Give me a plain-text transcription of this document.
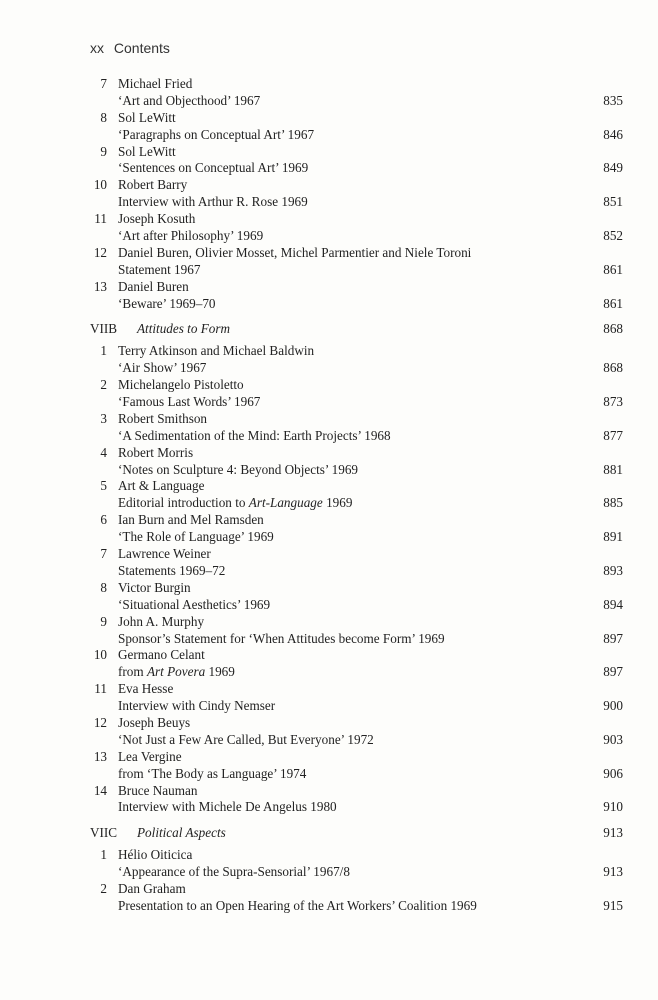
xx Contents
7 Michael Fried
‘Art and Objecthood’ 1967	835
8 Sol LeWitt
‘Paragraphs on Conceptual Art’ 1967	846
9 Sol LeWitt
‘Sentences on Conceptual Art’ 1969	849
10 Robert Barry
Interview with Arthur R. Rose 1969	851
11 Joseph Kosuth
‘Art after Philosophy’ 1969	852
12 Daniel Buren, Olivier Mosset, Michel Parmentier and Niele Toroni
Statement 1967	861
13 Daniel Buren
‘Beware’ 1969–70	861
VIIB Attitudes to Form	868
1 Terry Atkinson and Michael Baldwin
‘Air Show’ 1967	868
2 Michelangelo Pistoletto
‘Famous Last Words’ 1967	873
3 Robert Smithson
‘A Sedimentation of the Mind: Earth Projects’ 1968	877
4 Robert Morris
‘Notes on Sculpture 4: Beyond Objects’ 1969	881
5 Art & Language
Editorial introduction to Art-Language 1969	885
6 Ian Burn and Mel Ramsden
‘The Role of Language’ 1969	891
7 Lawrence Weiner
Statements 1969–72	893
8 Victor Burgin
‘Situational Aesthetics’ 1969	894
9 John A. Murphy
Sponsor’s Statement for ‘When Attitudes become Form’ 1969	897
10 Germano Celant
from Art Povera 1969	897
11 Eva Hesse
Interview with Cindy Nemser	900
12 Joseph Beuys
‘Not Just a Few Are Called, But Everyone’ 1972	903
13 Lea Vergine
from ‘The Body as Language’ 1974	906
14 Bruce Nauman
Interview with Michele De Angelus 1980	910
VIIC Political Aspects	913
1 Hélio Oiticica
‘Appearance of the Supra-Sensorial’ 1967/8	913
2 Dan Graham
Presentation to an Open Hearing of the Art Workers’ Coalition 1969	915
